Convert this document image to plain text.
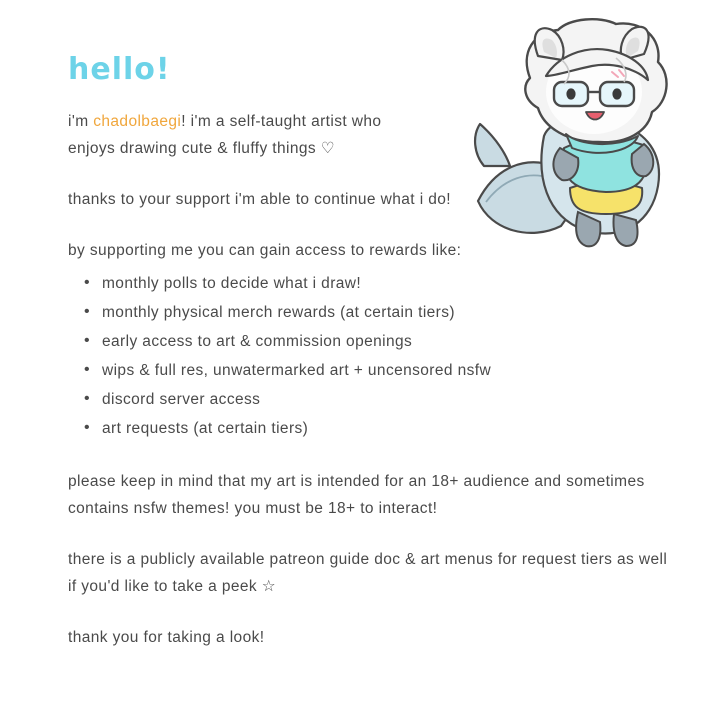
hello!

i'm chadolbaegi! i'm a self-taught artist who
enjoys drawing cute & fluffy things ♡

thanks to your support i'm able to continue what i do!

by supporting me you can gain access to rewards like:

• monthly polls to decide what i draw!
• monthly physical merch rewards (at certain tiers)
• early access to art & commission openings
• wips & full res, unwatermarked art + uncensored nsfw
• discord server access
• art requests (at certain tiers)

please keep in mind that my art is intended for an 18+ audience and sometimes contains nsfw themes! you must be 18+ to interact!

there is a publicly available patreon guide doc & art menus for request tiers as well if you'd like to take a peek ☆

thank you for taking a look!
